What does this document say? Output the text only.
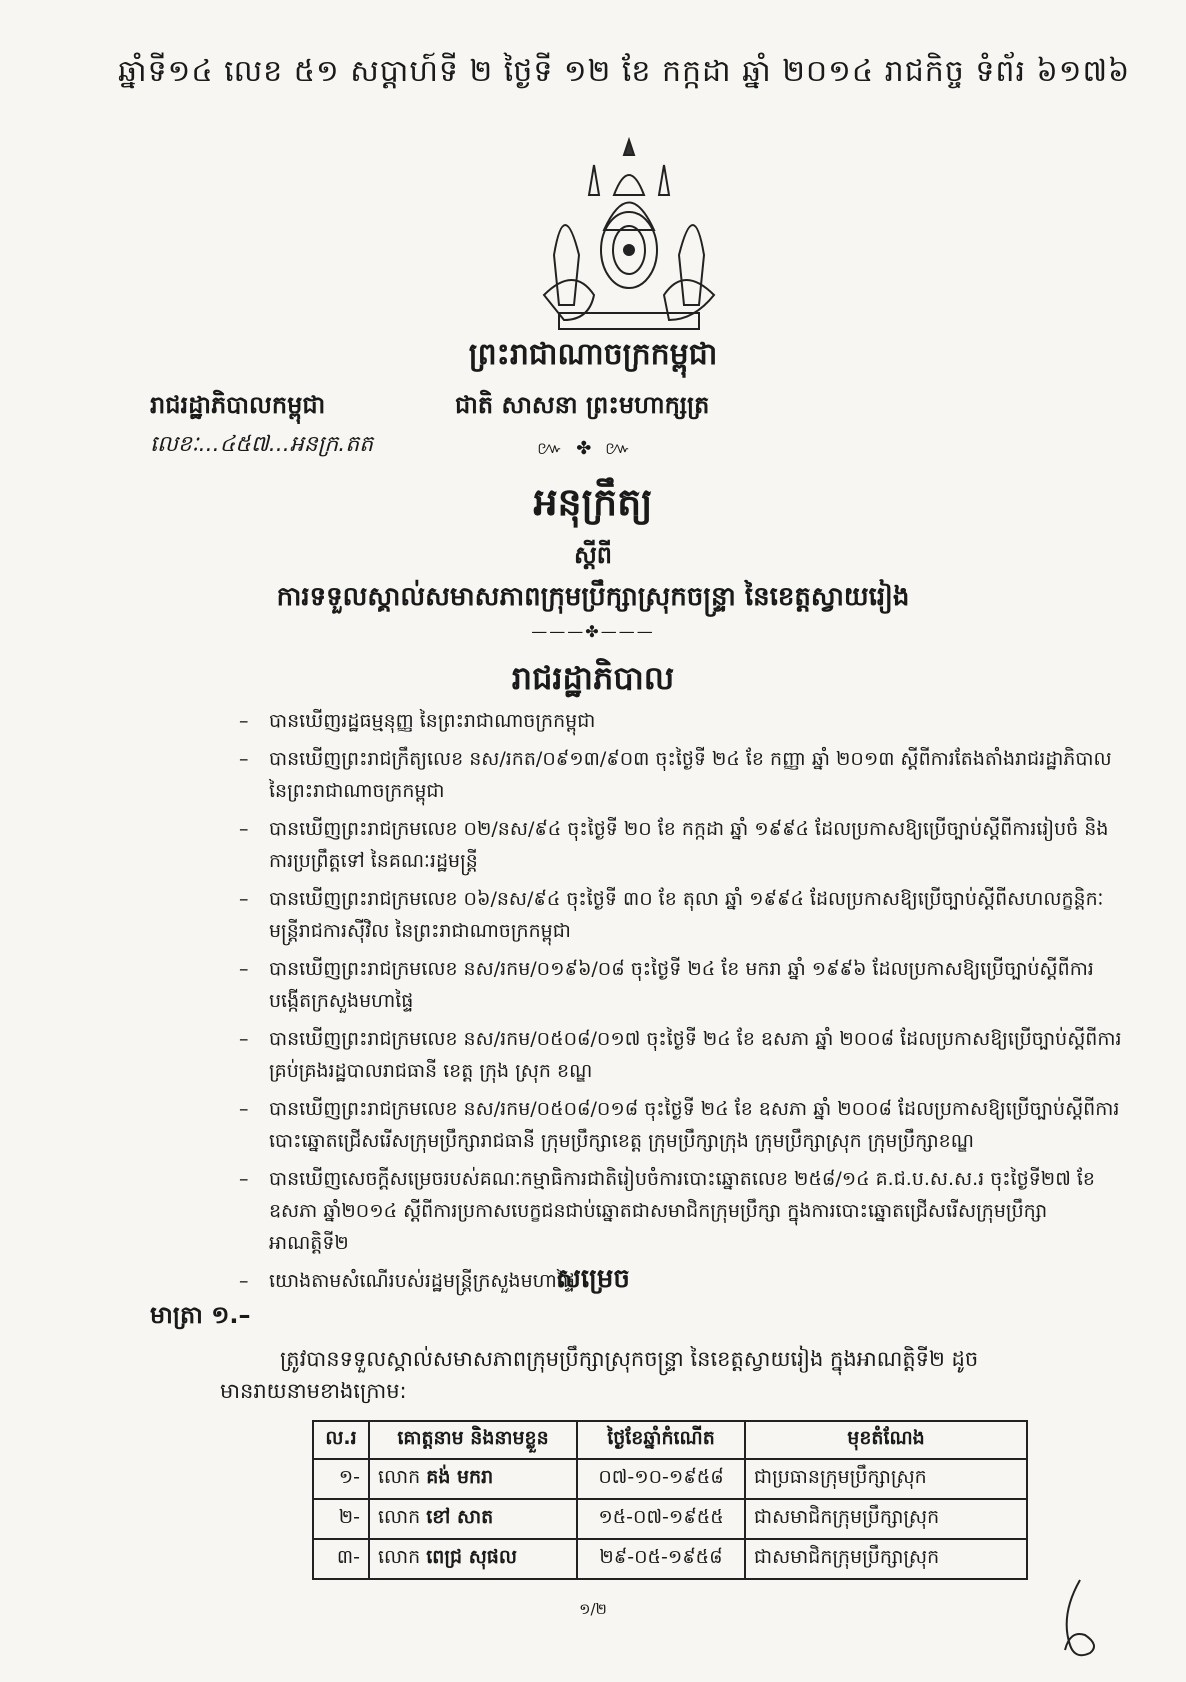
ឆ្នាំទី១៤ លេខ ៥១ សប្តាហ៍ទី ២ ថ្ងៃទី ១២ ខែ កក្កដា ឆ្នាំ ២០១៤ រាជកិច្ច ទំព័រ ៦១៧៦
ព្រះរាជាណាចក្រកម្ពុជា
រាជរដ្ឋាភិបាលកម្ពុជា	ជាតិ សាសនា ព្រះមហាក្សត្រ
លេខៈ...៤៥៧...អនក្រ.តត	៚ ✤ ៚
អនុក្រឹត្យ
ស្តីពី
ការទទួលស្គាល់សមាសភាពក្រុមប្រឹក្សាស្រុកចន្រ្ទា នៃខេត្តស្វាយរៀង
———✤———
រាជរដ្ឋាភិបាល
– បានឃើញរដ្ឋធម្មនុញ្ញ នៃព្រះរាជាណាចក្រកម្ពុជា
– បានឃើញព្រះរាជក្រឹត្យលេខ នស/រកត/០៩១៣/៩០៣ ចុះថ្ងៃទី ២៤ ខែ កញ្ញា ឆ្នាំ ២០១៣ ស្តីពីការតែងតាំងរាជរដ្ឋាភិបាល នៃព្រះរាជាណាចក្រកម្ពុជា
– បានឃើញព្រះរាជក្រមលេខ ០២/នស/៩៤ ចុះថ្ងៃទី ២០ ខែ កក្កដា ឆ្នាំ ១៩៩៤ ដែលប្រកាសឱ្យប្រើច្បាប់ស្តីពីការរៀបចំ និងការប្រព្រឹត្តទៅ នៃគណៈរដ្ឋមន្ត្រី
– បានឃើញព្រះរាជក្រមលេខ ០៦/នស/៩៤ ចុះថ្ងៃទី ៣០ ខែ តុលា ឆ្នាំ ១៩៩៤ ដែលប្រកាសឱ្យប្រើច្បាប់ស្តីពីសហលក្ខន្តិកៈមន្ត្រីរាជការស៊ីវិល នៃព្រះរាជាណាចក្រកម្ពុជា
– បានឃើញព្រះរាជក្រមលេខ នស/រកម/០១៩៦/០៨ ចុះថ្ងៃទី ២៤ ខែ មករា ឆ្នាំ ១៩៩៦ ដែលប្រកាសឱ្យប្រើច្បាប់ស្តីពីការបង្កើតក្រសួងមហាផ្ទៃ
– បានឃើញព្រះរាជក្រមលេខ នស/រកម/០៥០៨/០១៧ ចុះថ្ងៃទី ២៤ ខែ ឧសភា ឆ្នាំ ២០០៨ ដែលប្រកាសឱ្យប្រើច្បាប់ស្តីពីការគ្រប់គ្រងរដ្ឋបាលរាជធានី ខេត្ត ក្រុង ស្រុក ខណ្ឌ
– បានឃើញព្រះរាជក្រមលេខ នស/រកម/០៥០៨/០១៨ ចុះថ្ងៃទី ២៤ ខែ ឧសភា ឆ្នាំ ២០០៨ ដែលប្រកាសឱ្យប្រើច្បាប់ស្តីពីការបោះឆ្នោតជ្រើសរើសក្រុមប្រឹក្សារាជធានី ក្រុមប្រឹក្សាខេត្ត ក្រុមប្រឹក្សាក្រុង ក្រុមប្រឹក្សាស្រុក ក្រុមប្រឹក្សាខណ្ឌ
– បានឃើញសេចក្តីសម្រេចរបស់គណៈកម្មាធិការជាតិរៀបចំការបោះឆ្នោតលេខ ២៥៨/១៤ គ.ជ.ប.ស.ស.រ ចុះថ្ងៃទី២៧ ខែឧសភា ឆ្នាំ២០១៤ ស្តីពីការប្រកាសបេក្ខជនជាប់ឆ្នោតជាសមាជិកក្រុមប្រឹក្សា ក្នុងការបោះឆ្នោតជ្រើសរើសក្រុមប្រឹក្សា អាណត្តិទី២
– យោងតាមសំណើរបស់រដ្ឋមន្ត្រីក្រសួងមហាផ្ទៃ
សម្រេច
មាត្រា ១.–
ត្រូវបានទទួលស្គាល់សមាសភាពក្រុមប្រឹក្សាស្រុកចន្រ្ទា នៃខេត្តស្វាយរៀង ក្នុងអាណត្តិទី២ ដូច
មានរាយនាមខាងក្រោម:
ល.រ	គោត្តនាម និងនាមខ្លួន	ថ្ងៃខែឆ្នាំកំណើត	មុខតំណែង
១-	លោក គង់ មករា	០៧-១០-១៩៥៨	ជាប្រធានក្រុមប្រឹក្សាស្រុក
២-	លោក ខៅ សាត	១៥-០៧-១៩៥៥	ជាសមាជិកក្រុមប្រឹក្សាស្រុក
៣-	លោក ពេជ្រ សុផល	២៩-០៥-១៩៥៨	ជាសមាជិកក្រុមប្រឹក្សាស្រុក
១/២
